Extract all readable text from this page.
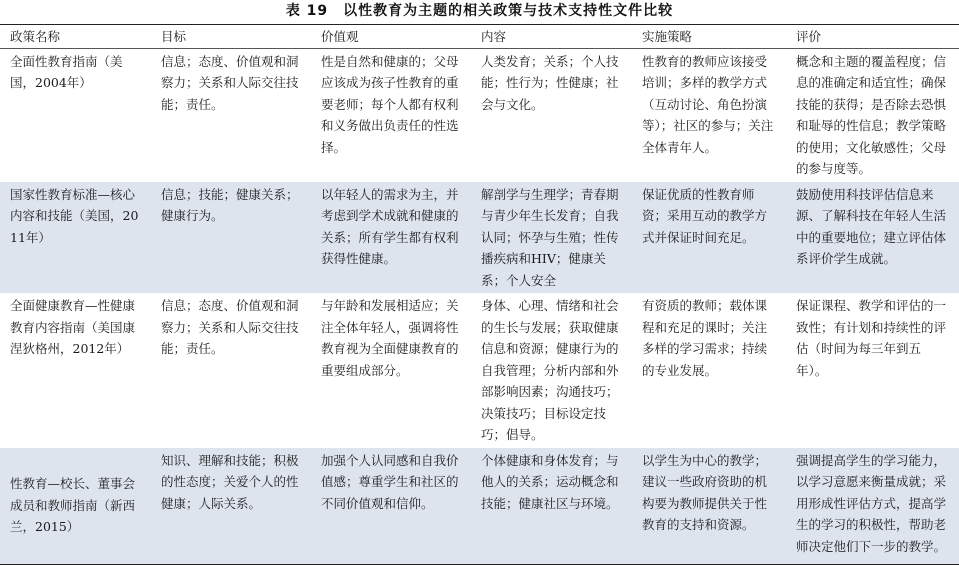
表 19　以性教育为主题的相关政策与技术支持性文件比较
政策名称	目标	价值观	内容	实施策略	评价
全面性教育指南（美国，2004年）	信息；态度、价值观和洞察力；关系和人际交往技能；责任。	性是自然和健康的；父母应该成为孩子性教育的重要老师；每个人都有权利和义务做出负责任的性选择。	人类发育；关系；个人技能；性行为；性健康；社会与文化。	性教育的教师应该接受培训；多样的教学方式（互动讨论、角色扮演等）；社区的参与；关注全体青年人。	概念和主题的覆盖程度；信息的准确定和适宜性；确保技能的获得；是否除去恐惧和耻辱的性信息；教学策略的使用；文化敏感性；父母的参与度等。
国家性教育标准—核心内容和技能（美国，2011年）	信息；技能；健康关系；健康行为。	以年轻人的需求为主，并考虑到学术成就和健康的关系；所有学生都有权利获得性健康。	解剖学与生理学；青春期与青少年生长发育；自我认同；怀孕与生殖；性传播疾病和HIV；健康关系；个人安全	保证优质的性教育师资；采用互动的教学方式并保证时间充足。	鼓励使用科技评估信息来源、了解科技在年轻人生活中的重要地位；建立评估体系评价学生成就。
全面健康教育—性健康教育内容指南（美国康涅狄格州，2012年）	信息；态度、价值观和洞察力；关系和人际交往技能；责任。	与年龄和发展相适应；关注全体年轻人，强调将性教育视为全面健康教育的重要组成部分。	身体、心理、情绪和社会的生长与发展；获取健康信息和资源；健康行为的自我管理；分析内部和外部影响因素；沟通技巧；决策技巧；目标设定技巧；倡导。	有资质的教师；载体课程和充足的课时；关注多样的学习需求；持续的专业发展。	保证课程、教学和评估的一致性；有计划和持续性的评估（时间为每三年到五年）。
性教育—校长、董事会成员和教师指南（新西兰，2015）	知识、理解和技能；积极的性态度；关爱个人的性健康；人际关系。	加强个人认同感和自我价值感；尊重学生和社区的不同价值观和信仰。	个体健康和身体发育；与他人的关系；运动概念和技能；健康社区与环境。	以学生为中心的教学；建议一些政府资助的机构要为教师提供关于性教育的支持和资源。	强调提高学生的学习能力，以学习意愿来衡量成就；采用形成性评估方式，提高学生的学习的积极性，帮助老师决定他们下一步的教学。
